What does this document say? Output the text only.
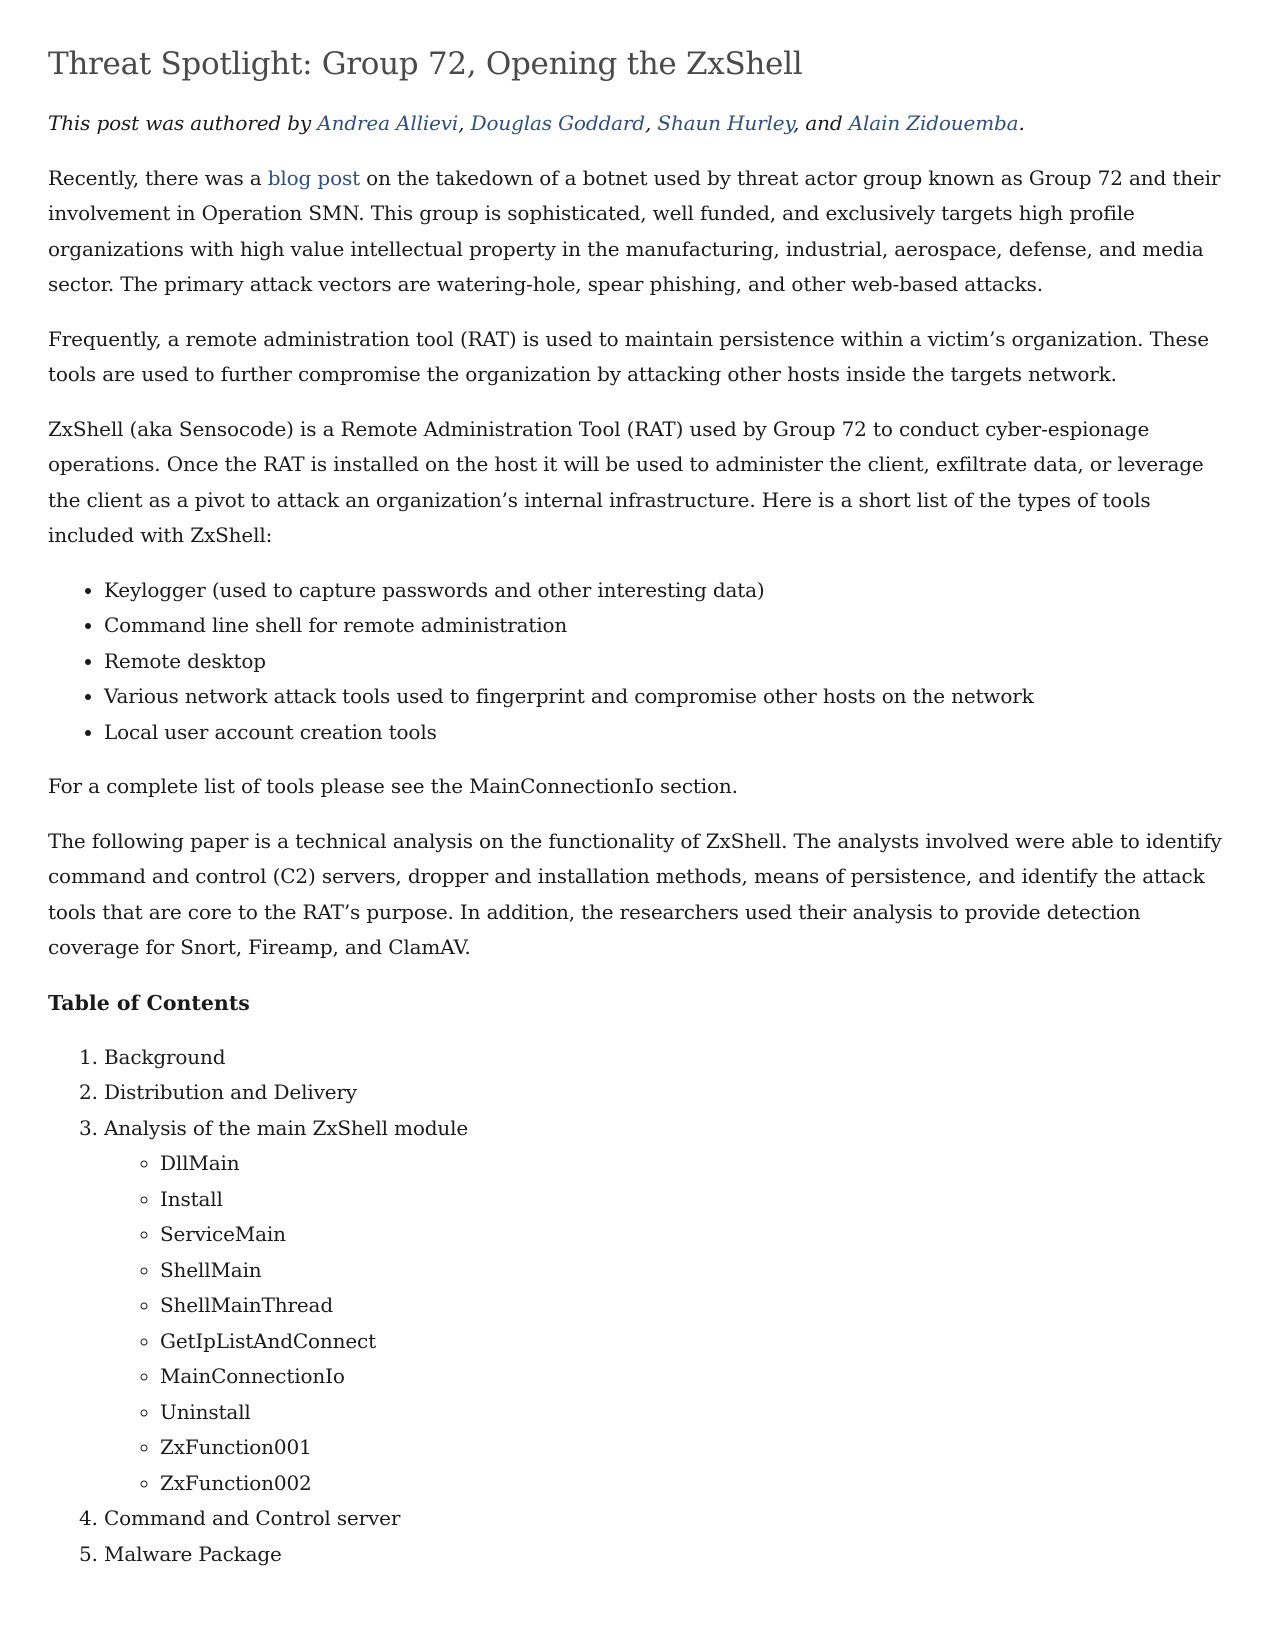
Threat Spotlight: Group 72, Opening the ZxShell

This post was authored by Andrea Allievi, Douglas Goddard, Shaun Hurley, and Alain Zidouemba.

Recently, there was a blog post on the takedown of a botnet used by threat actor group known as Group 72 and their involvement in Operation SMN. This group is sophisticated, well funded, and exclusively targets high profile organizations with high value intellectual property in the manufacturing, industrial, aerospace, defense, and media sector. The primary attack vectors are watering-hole, spear phishing, and other web-based attacks.

Frequently, a remote administration tool (RAT) is used to maintain persistence within a victim’s organization. These tools are used to further compromise the organization by attacking other hosts inside the targets network.

ZxShell (aka Sensocode) is a Remote Administration Tool (RAT) used by Group 72 to conduct cyber-espionage operations. Once the RAT is installed on the host it will be used to administer the client, exfiltrate data, or leverage the client as a pivot to attack an organization’s internal infrastructure. Here is a short list of the types of tools included with ZxShell:

• Keylogger (used to capture passwords and other interesting data)
• Command line shell for remote administration
• Remote desktop
• Various network attack tools used to fingerprint and compromise other hosts on the network
• Local user account creation tools

For a complete list of tools please see the MainConnectionIo section.

The following paper is a technical analysis on the functionality of ZxShell. The analysts involved were able to identify command and control (C2) servers, dropper and installation methods, means of persistence, and identify the attack tools that are core to the RAT’s purpose. In addition, the researchers used their analysis to provide detection coverage for Snort, Fireamp, and ClamAV.

Table of Contents
1. Background
2. Distribution and Delivery
3. Analysis of the main ZxShell module
◦ DllMain
◦ Install
◦ ServiceMain
◦ ShellMain
◦ ShellMainThread
◦ GetIpListAndConnect
◦ MainConnectionIo
◦ Uninstall
◦ ZxFunction001
◦ ZxFunction002
4. Command and Control server
5. Malware Package
